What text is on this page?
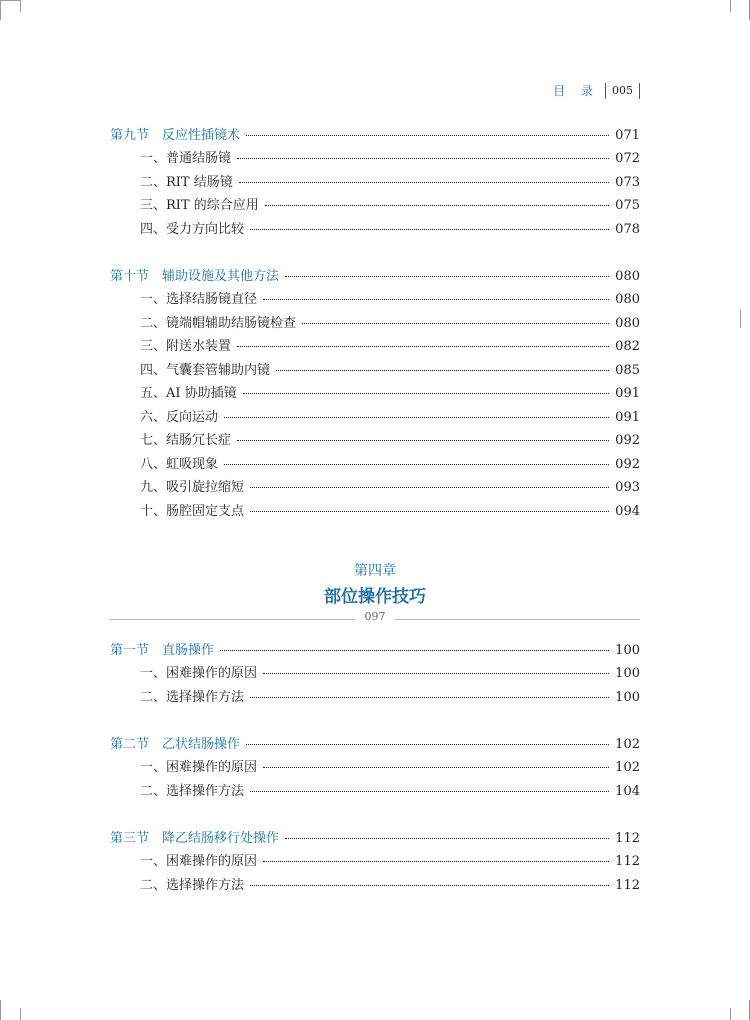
目 录 005
第九节　反应性插镜术	071
一、普通结肠镜	072
二、RIT 结肠镜	073
三、RIT 的综合应用	075
四、受力方向比较	078
第十节　辅助设施及其他方法	080
一、选择结肠镜直径	080
二、镜端帽辅助结肠镜检查	080
三、附送水装置	082
四、气囊套管辅助内镜	085
五、AI 协助插镜	091
六、反向运动	091
七、结肠冗长症	092
八、虹吸现象	092
九、吸引旋拉缩短	093
十、肠腔固定支点	094
第四章
部位操作技巧
097
第一节　直肠操作	100
一、困难操作的原因	100
二、选择操作方法	100
第二节　乙状结肠操作	102
一、困难操作的原因	102
二、选择操作方法	104
第三节　降乙结肠移行处操作	112
一、困难操作的原因	112
二、选择操作方法	112
